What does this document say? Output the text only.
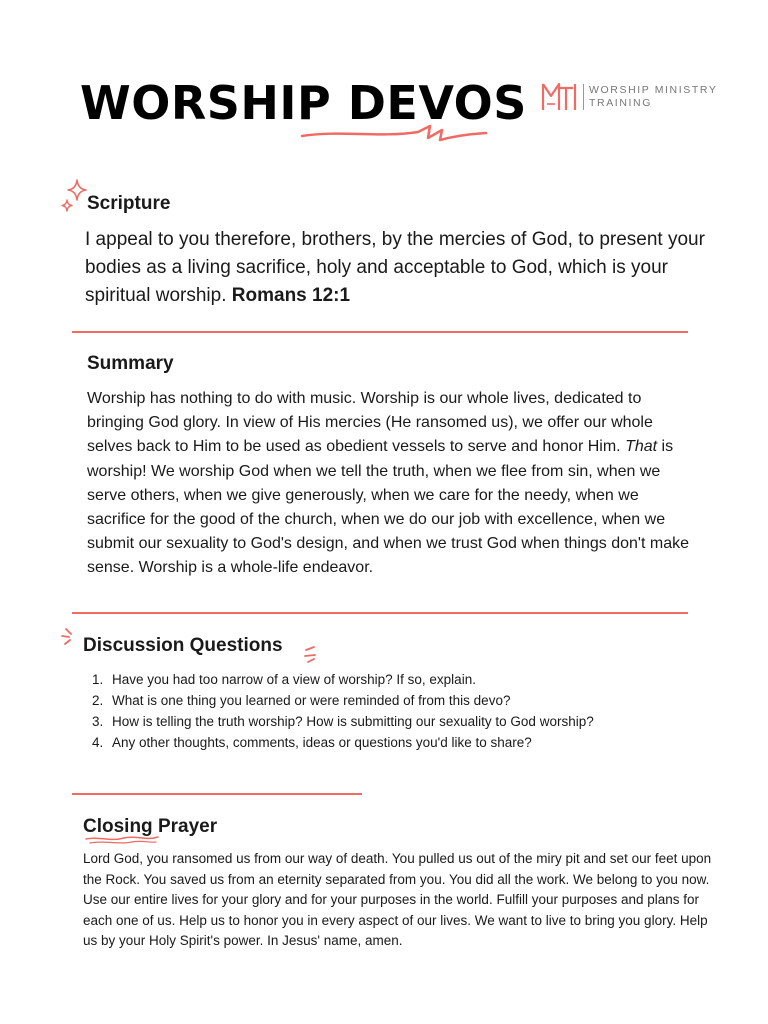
WORSHIP DEVOS	WORSHIP MINISTRY
TRAINING
Scripture
I appeal to you therefore, brothers, by the mercies of God, to present your bodies as a living sacrifice, holy and acceptable to God, which is your spiritual worship. Romans 12:1
Summary
Worship has nothing to do with music. Worship is our whole lives, dedicated to bringing God glory. In view of His mercies (He ransomed us), we offer our whole selves back to Him to be used as obedient vessels to serve and honor Him. That is worship! We worship God when we tell the truth, when we flee from sin, when we serve others, when we give generously, when we care for the needy, when we sacrifice for the good of the church, when we do our job with excellence, when we submit our sexuality to God's design, and when we trust God when things don't make sense. Worship is a whole-life endeavor.
Discussion Questions
1. Have you had too narrow of a view of worship? If so, explain.
2. What is one thing you learned or were reminded of from this devo?
3. How is telling the truth worship? How is submitting our sexuality to God worship?
4. Any other thoughts, comments, ideas or questions you'd like to share?
Closing Prayer
Lord God, you ransomed us from our way of death. You pulled us out of the miry pit and set our feet upon the Rock. You saved us from an eternity separated from you. You did all the work. We belong to you now. Use our entire lives for your glory and for your purposes in the world. Fulfill your purposes and plans for each one of us. Help us to honor you in every aspect of our lives. We want to live to bring you glory. Help us by your Holy Spirit's power. In Jesus' name, amen.
